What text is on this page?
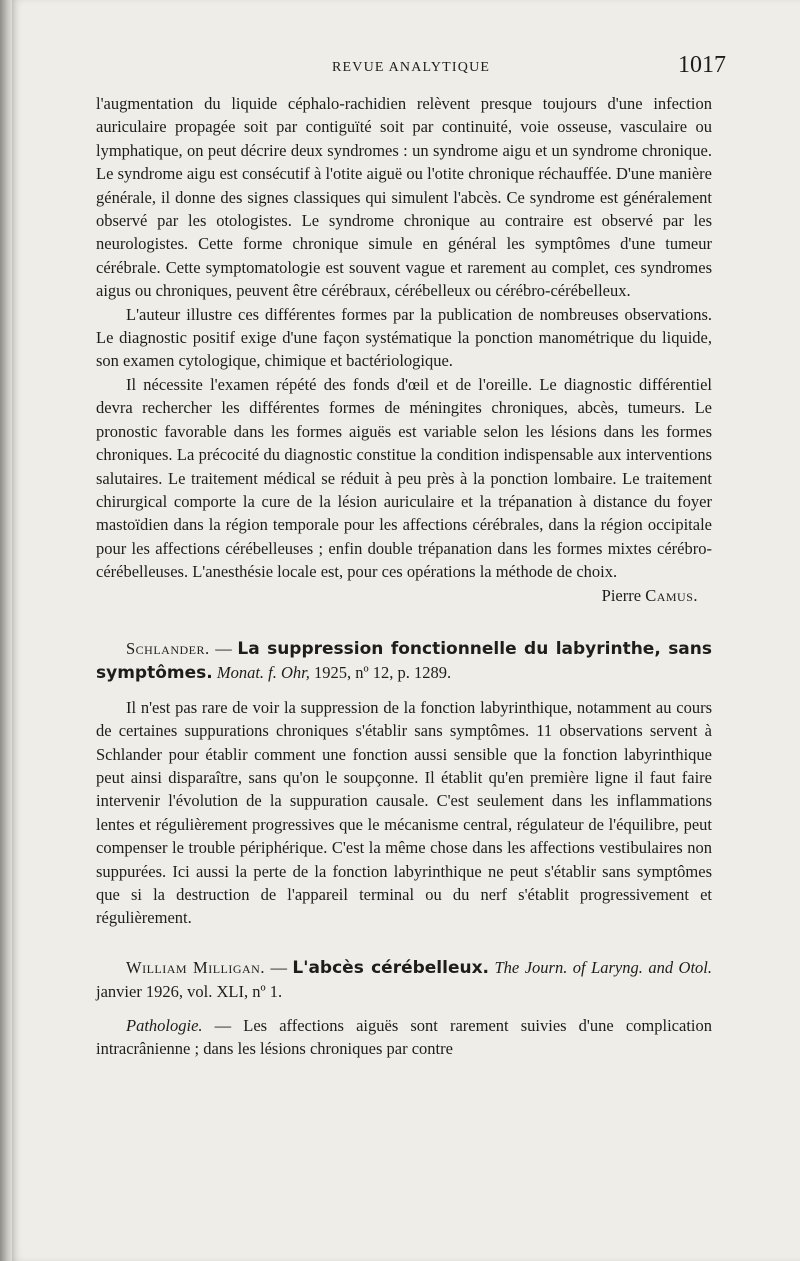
REVUE ANALYTIQUE	1017

l'augmentation du liquide céphalo-rachidien relèvent presque toujours d'une infection auriculaire propagée soit par contiguïté soit par continuité, voie osseuse, vasculaire ou lymphatique, on peut décrire deux syndromes : un syndrome aigu et un syndrome chronique. Le syndrome aigu est consécutif à l'otite aiguë ou l'otite chronique réchauffée. D'une manière générale, il donne des signes classiques qui simulent l'abcès. Ce syndrome est généralement observé par les otologistes. Le syndrome chronique au contraire est observé par les neurologistes. Cette forme chronique simule en général les symptômes d'une tumeur cérébrale. Cette symptomatologie est souvent vague et rarement au complet, ces syndromes aigus ou chroniques, peuvent être cérébraux, cérébelleux ou cérébro-cérébelleux.

L'auteur illustre ces différentes formes par la publication de nombreuses observations. Le diagnostic positif exige d'une façon systématique la ponction manométrique du liquide, son examen cytologique, chimique et bactériologique.

Il nécessite l'examen répété des fonds d'œil et de l'oreille. Le diagnostic différentiel devra rechercher les différentes formes de méningites chroniques, abcès, tumeurs. Le pronostic favorable dans les formes aiguës est variable selon les lésions dans les formes chroniques. La précocité du diagnostic constitue la condition indispensable aux interventions salutaires. Le traitement médical se réduit à peu près à la ponction lombaire. Le traitement chirurgical comporte la cure de la lésion auriculaire et la trépanation à distance du foyer mastoïdien dans la région temporale pour les affections cérébrales, dans la région occipitale pour les affections cérébelleuses ; enfin double trépanation dans les formes mixtes cérébro-cérébelleuses. L'anesthésie locale est, pour ces opérations la méthode de choix.

Pierre Camus.

Schlander. — La suppression fonctionnelle du labyrinthe, sans symptômes. Monat. f. Ohr, 1925, nº 12, p. 1289.

Il n'est pas rare de voir la suppression de la fonction labyrinthique, notamment au cours de certaines suppurations chroniques s'établir sans symptômes. 11 observations servent à Schlander pour établir comment une fonction aussi sensible que la fonction labyrinthique peut ainsi disparaître, sans qu'on le soupçonne. Il établit qu'en première ligne il faut faire intervenir l'évolution de la suppuration causale. C'est seulement dans les inflammations lentes et régulièrement progressives que le mécanisme central, régulateur de l'équilibre, peut compenser le trouble périphérique. C'est la même chose dans les affections vestibulaires non suppurées. Ici aussi la perte de la fonction labyrinthique ne peut s'établir sans symptômes que si la destruction de l'appareil terminal ou du nerf s'établit progressivement et régulièrement.

William Milligan. — L'abcès cérébelleux. The Journ. of Laryng. and Otol. janvier 1926, vol. XLI, nº 1.

Pathologie. — Les affections aiguës sont rarement suivies d'une complication intracrânienne ; dans les lésions chroniques par contre
